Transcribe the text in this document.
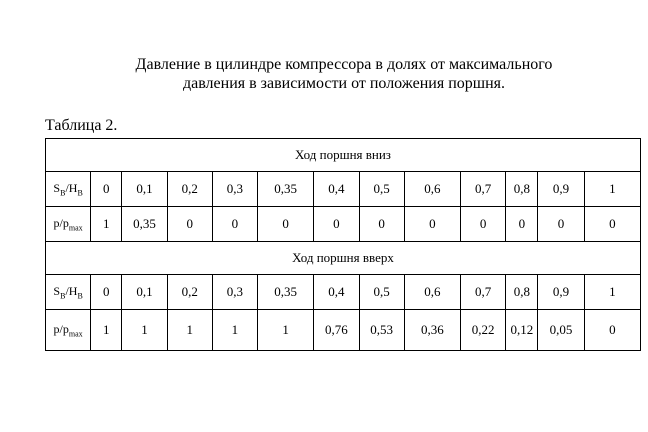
Давление в цилиндре компрессора в долях от максимального
давления в зависимости от положения поршня.
Таблица 2.
Ход поршня вниз												
$S_B/H_B$	0	0,1	0,2	0,3	0,35	0,4	0,5	0,6	0,7	0,8	0,9	1
$p/p_{max}$	1	0,35	0	0	0	0	0	0	0	0	0	0
Ход поршня вверх												
$S_B/H_B$	0	0,1	0,2	0,3	0,35	0,4	0,5	0,6	0,7	0,8	0,9	1
$p/p_{max}$	1	1	1	1	1	0,76	0,53	0,36	0,22	0,12	0,05	0
